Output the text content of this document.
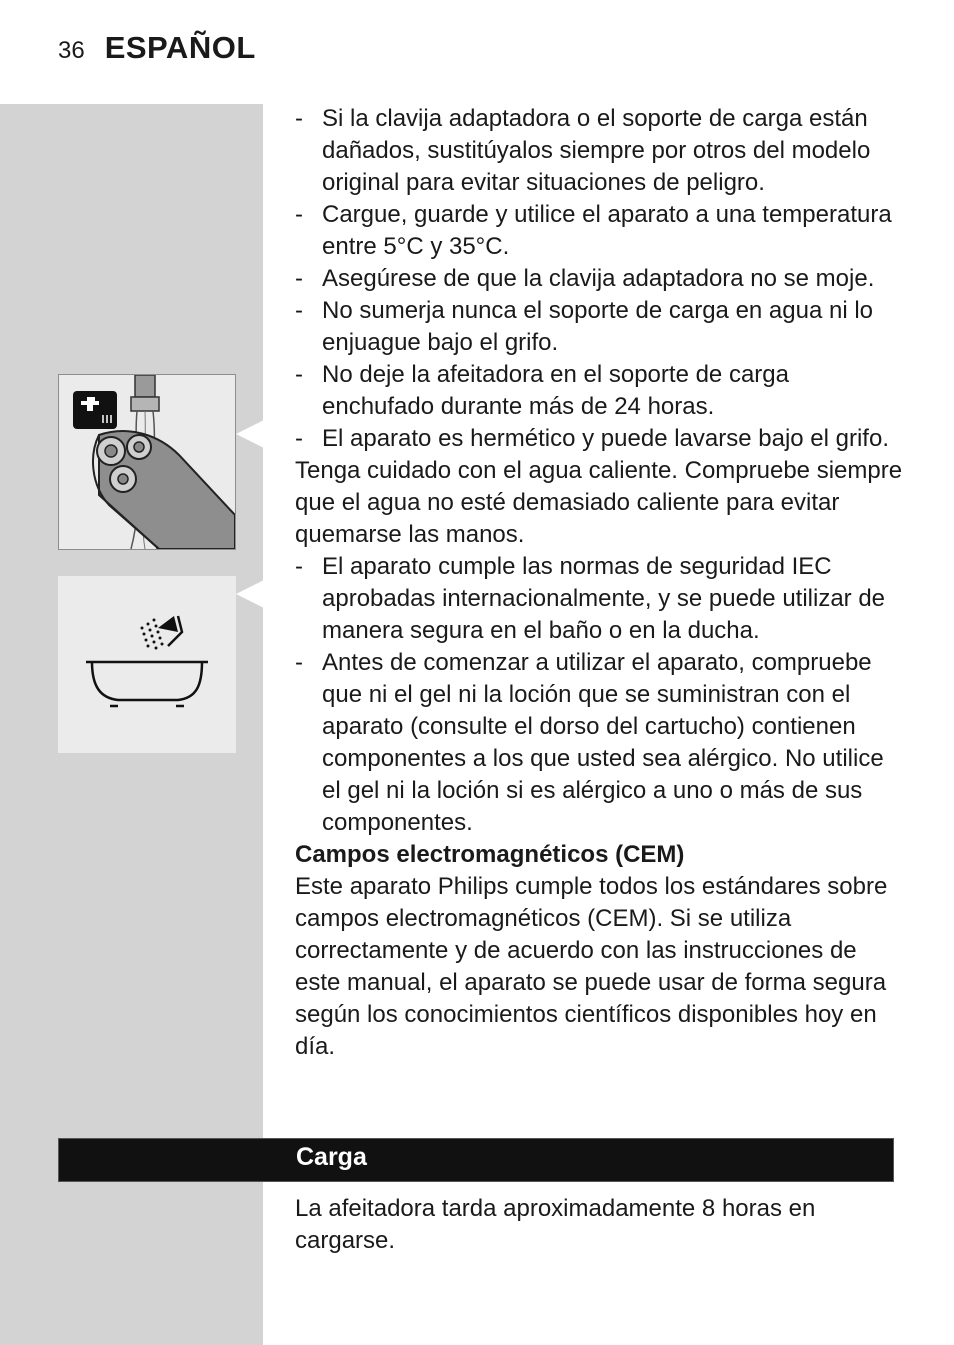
36 ESPAÑOL
- Si la clavija adaptadora o el soporte de carga están dañados, sustitúyalos siempre por otros del modelo original para evitar situaciones de peligro.
- Cargue, guarde y utilice el aparato a una temperatura entre 5°C y 35°C.
- Asegúrese de que la clavija adaptadora no se moje.
- No sumerja nunca el soporte de carga en agua ni lo enjuague bajo el grifo.
- No deje la afeitadora en el soporte de carga enchufado durante más de 24 horas.
- El aparato es hermético y puede lavarse bajo el grifo.

Tenga cuidado con el agua caliente. Compruebe siempre que el agua no esté demasiado caliente para evitar quemarse las manos.

- El aparato cumple las normas de seguridad IEC aprobadas internacionalmente, y se puede utilizar de manera segura en el baño o en la ducha.
- Antes de comenzar a utilizar el aparato, compruebe que ni el gel ni la loción que se suministran con el aparato (consulte el dorso del cartucho) contienen componentes a los que usted sea alérgico. No utilice el gel ni la loción si es alérgico a uno o más de sus componentes.

Campos electromagnéticos (CEM)

Este aparato Philips cumple todos los estándares sobre campos electromagnéticos (CEM). Si se utiliza correctamente y de acuerdo con las instrucciones de este manual, el aparato se puede usar de forma segura según los conocimientos científicos disponibles hoy en día.

Carga

La afeitadora tarda aproximadamente 8 horas en cargarse.
